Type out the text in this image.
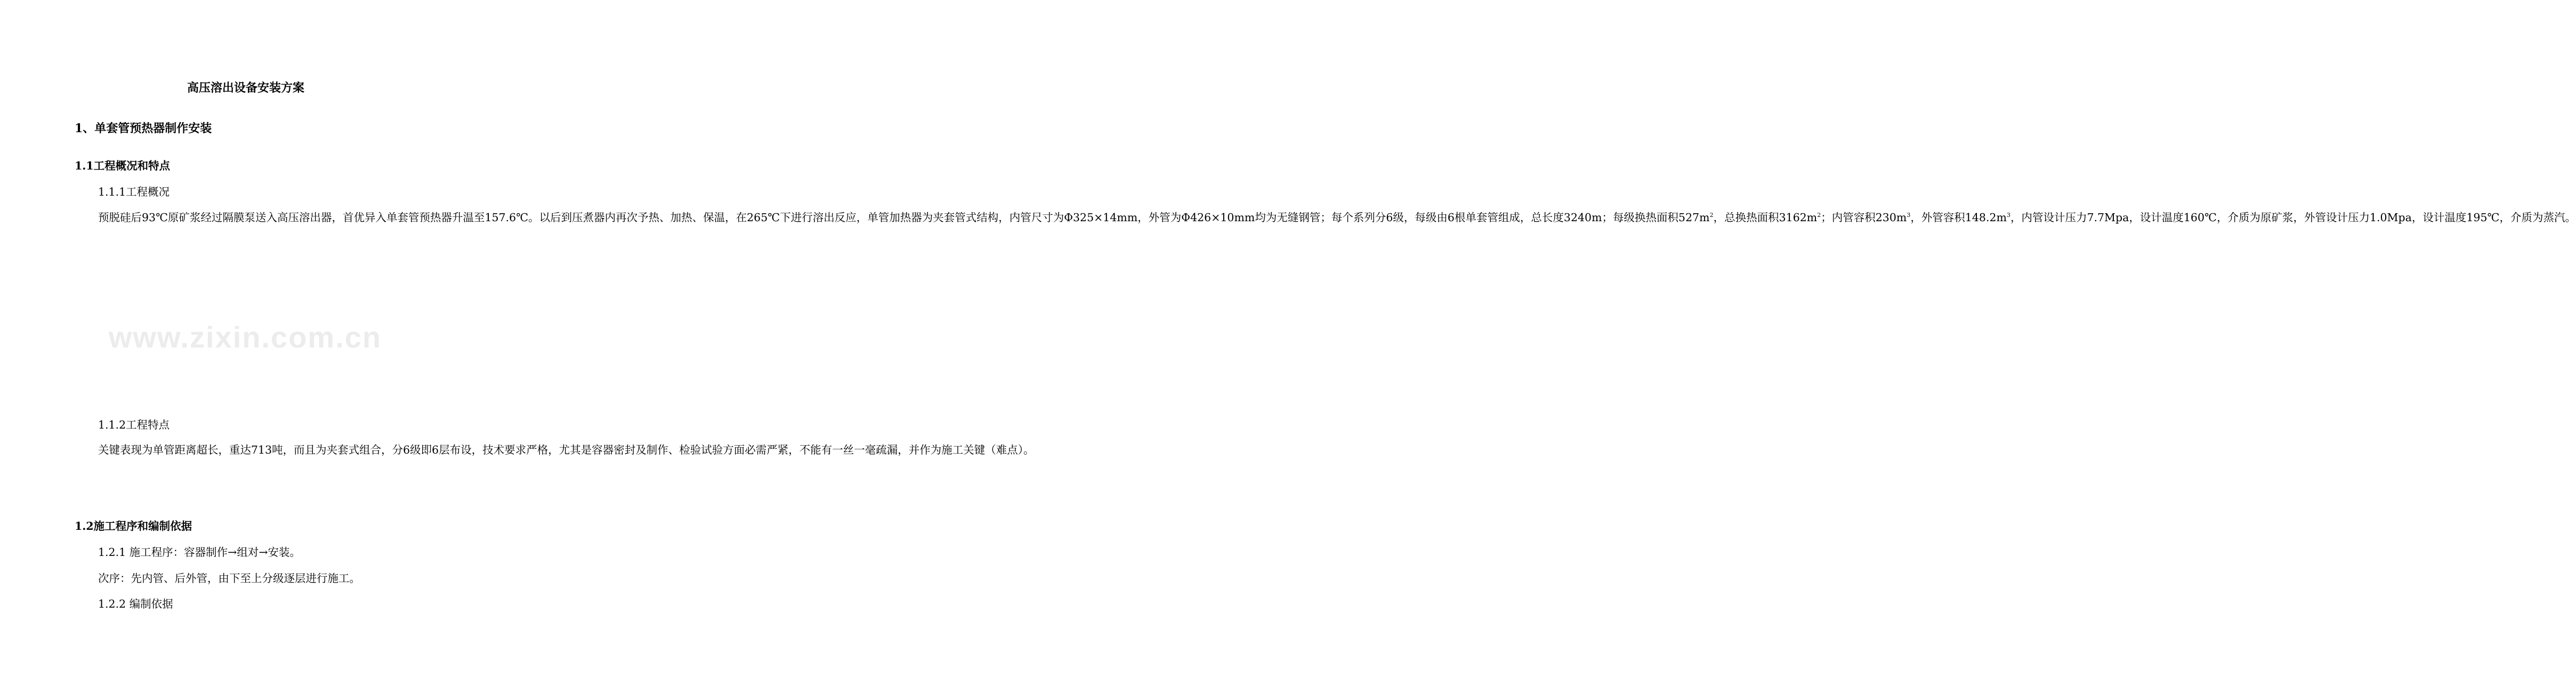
www.zixin.com.cn
高压溶出设备安装方案
1、单套管预热器制作安装
1.1工程概况和特点
1.1.1工程概况
预脱硅后93℃原矿浆经过隔膜泵送入高压溶出器，首优异入单套管预热器升温至157.6℃。以后到压煮器内再次予热、加热、保温，在265℃下进行溶出反应，单管加热器为夹套管式结构，内管尺寸为Φ325×14mm，外管为Φ426×10mm均为无缝钢管；每个系列分6级，每级由6根单套管组成，总长度3240m；每级换热面积$527m^2$，总换热面积$3162m^2$；内管容积$230m^3$，外管容积$148.2m^3$，内管设计压力7.7Mpa，设计温度160℃，介质为原矿浆，外管设计压力1.0Mpa，设计温度195℃，介质为蒸汽。
1.1.2工程特点
关键表现为单管距离超长，重达713吨，而且为夹套式组合，分6级即6层布设，技术要求严格，尤其是容器密封及制作、检验试验方面必需严紧，不能有一丝一毫疏漏，并作为施工关键（难点）。
1.2施工程序和编制依据
1.2.1 施工程序：容器制作→组对→安装。
次序：先内管、后外管，由下至上分级逐层进行施工。
1.2.2 编制依据
